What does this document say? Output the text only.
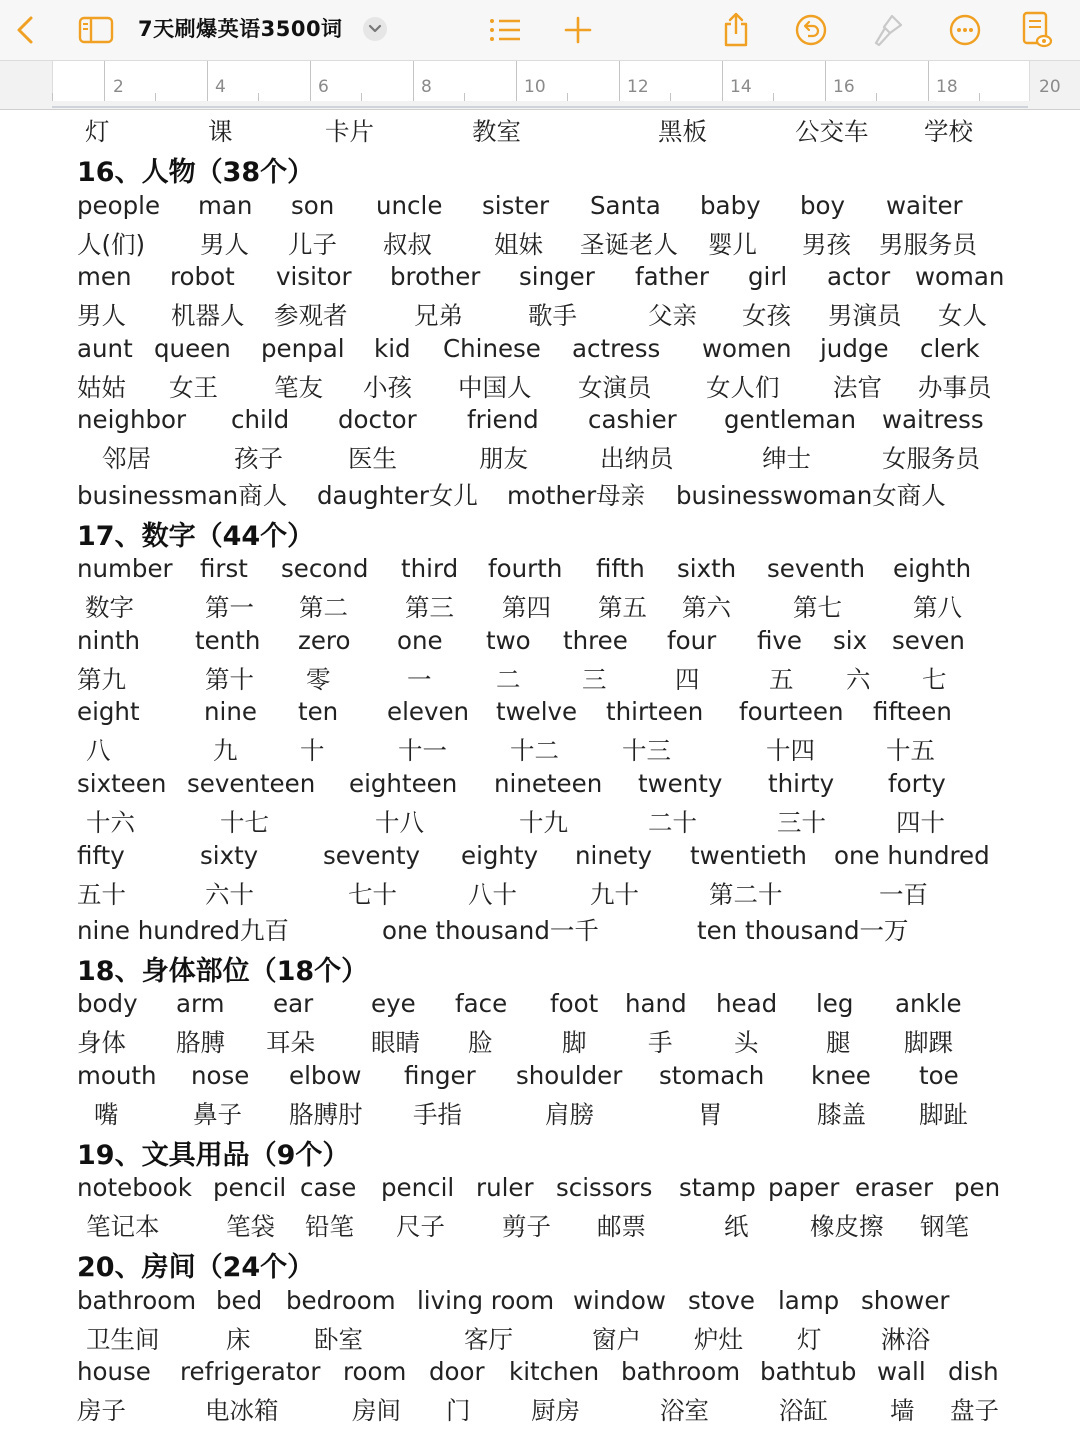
7天刷爆英语3500词
2	4	6	8	10	12	14	16	18	20
灯	课	卡片	教室	黑板	公交车 学校
16、人物（38个）
people man son uncle sister Santa baby boy waiter
人(们) 男人 儿子 叔叔	姐妹 圣诞老人 婴儿 男孩 男服务员
men robot visitor brother singer father girl actor woman
男人 机器人 参观者	兄弟	歌手	父亲 女孩 男演员 女人
aunt queen penpal kid Chinese actress women judge clerk
姑姑 女王 笔友 小孩 中国人 女演员 女人们 法官 办事员
neighbor child doctor friend cashier gentleman waitress
邻居	孩子	医生	朋友	出纳员	绅士	女服务员
businessman商人 daughter女儿 mother母亲 businesswoman女商人
17、数字（44个）
number first second third fourth fifth sixth seventh eighth
数字	第一 第二 第三 第四 第五 第六	第七	第八
ninth tenth zero one two three four five six seven
第九	第十 零	一	二	三	四	五 六 七
eight	nine ten eleven twelve thirteen fourteen fifteen
八	九	十	十一	十二	十三	十四	十五
sixteen seventeen eighteen nineteen twenty thirty forty
十六	十七	十八	十九	二十	三十	四十
fifty	sixty	seventy eighty ninety twentieth one hundred
五十	六十	七十	八十	九十	第二十	一百
nine hundred九百	one thousand一千	ten thousand一万
18、身体部位（18个）
body arm ear eye face foot hand head leg ankle
身体 胳膊 耳朵 眼睛 脸	脚	手	头	腿 脚踝
mouth nose elbow finger shoulder stomach knee toe
嘴	鼻子 胳膊肘 手指	肩膀	胃	膝盖 脚趾
19、文具用品（9个）
notebook pencil case pencil ruler scissors stamp paper eraser pen
笔记本	笔袋 铅笔 尺子 剪子 邮票	纸	橡皮擦 钢笔
20、房间（24个）
bathroom bed bedroom living room window stove lamp shower
卫生间	床	卧室	客厅	窗户 炉灶 灯 淋浴
house refrigerator room door kitchen bathroom bathtub wall dish
房子	电冰箱	房间 门 厨房	浴室	浴缸	墙 盘子
